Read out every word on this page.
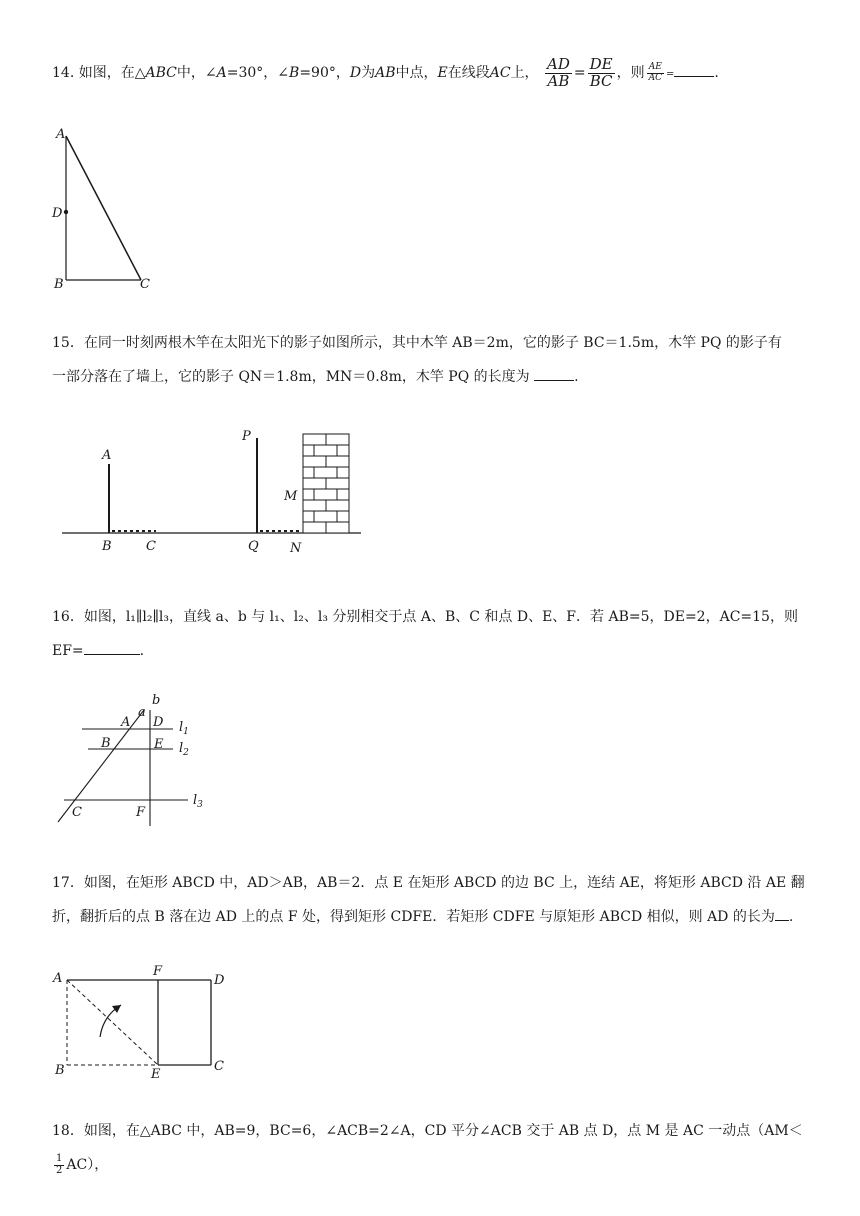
14. 如图，在△ABC中，∠A=30°，∠B=90°，D为AB中点，E在线段AC上， $\frac{AD}{AB} = \frac{DE}{BC}$ ，则 $\frac{AE}{AC}$ =	.
A
D
B	C
15．在同一时刻两根木竿在太阳光下的影子如图所示，其中木竿 AB＝2m，它的影子 BC＝1.5m，木竿 PQ 的影子有
一部分落在了墙上，它的影子 QN＝1.8m，MN＝0.8m，木竿 PQ 的长度为	.
A
B	C
P
Q N
M
16．如图，l₁∥l₂∥l₃，直线 a、b 与 l₁、l₂、l₃ 分别相交于点 A、B、C 和点 D、E、F．若 AB=5，DE=2，AC=15，则
EF=	.
A
a
b
D $l_1$
B	E $l_2$
C	F
$l_3$
17．如图，在矩形 ABCD 中，AD＞AB，AB＝2．点 E 在矩形 ABCD 的边 BC 上，连结 AE，将矩形 ABCD 沿 AE 翻
折，翻折后的点 B 落在边 AD 上的点 F 处，得到矩形 CDFE．若矩形 CDFE 与原矩形 ABCD 相似，则 AD 的长为 .
A	F
D
B	E
C
18．如图，在△ABC 中，AB=9，BC=6，∠ACB=2∠A，CD 平分∠ACB 交于 AB 点 D，点 M 是 AC 一动点（AM＜
$\frac{1}{2} AC$），
